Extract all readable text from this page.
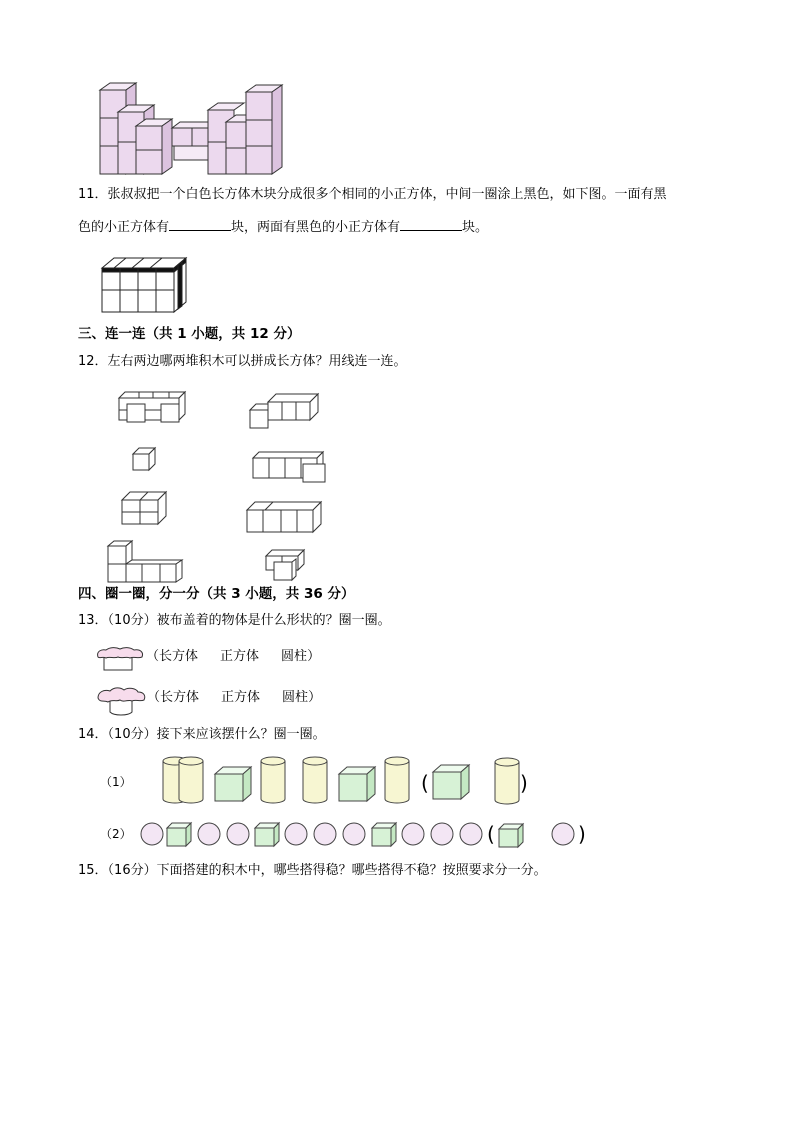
11．张叔叔把一个白色长方体木块分成很多个相同的小正方体，中间一圈涂上黑色，如下图。一面有黑
色的小正方体有	块，两面有黑色的小正方体有	块。
三、连一连（共 1 小题，共 12 分）
12．左右两边哪两堆积木可以拼成长方体？用线连一连。
四、圈一圈，分一分（共 3 小题，共 36 分）
13．（10分）被布盖着的物体是什么形状的？圈一圈。
（长方体 正方体 圆柱）
（长方体 正方体 圆柱）
14．（10分）接下来应该摆什么？圈一圈。
（1）	(	)
（2）	(	)
15．（16分）下面搭建的积木中，哪些搭得稳？哪些搭得不稳？按照要求分一分。
